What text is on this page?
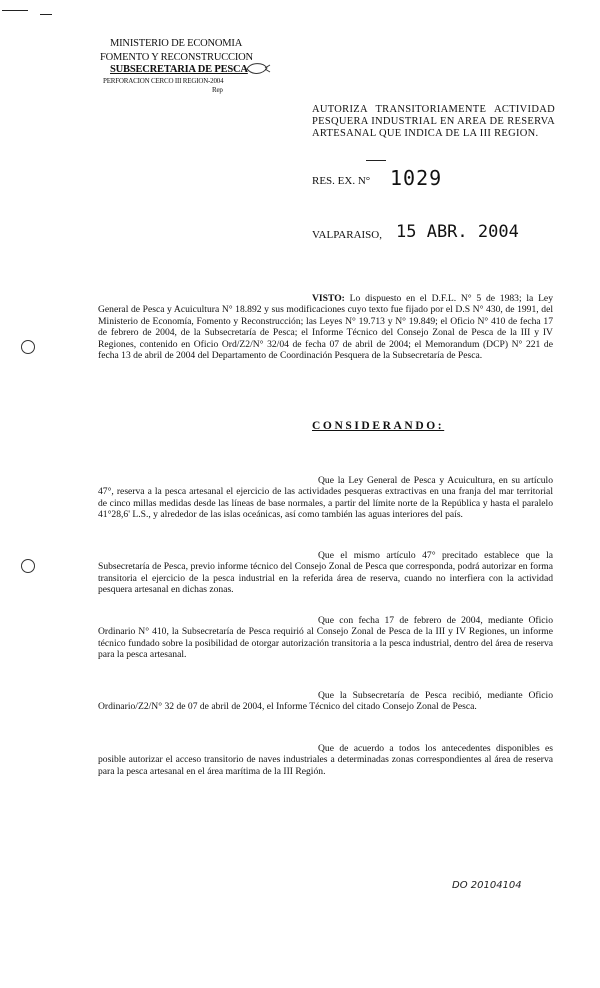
MINISTERIO DE ECONOMIA
FOMENTO Y RECONSTRUCCION
SUBSECRETARIA DE PESCA
PERFORACION CERCO III REGION-2004
Rep
AUTORIZA TRANSITORIAMENTE ACTIVIDAD PESQUERA INDUSTRIAL EN AREA DE RESERVA ARTESANAL QUE INDICA DE LA III REGION.
RES. EX. N° 1029
VALPARAISO, 15 ABR. 2004
VISTO: Lo dispuesto en el D.F.L. N° 5 de 1983; la Ley General de Pesca y Acuicultura N° 18.892 y sus modificaciones cuyo texto fue fijado por el D.S N° 430, de 1991, del Ministerio de Economía, Fomento y Reconstrucción; las Leyes N° 19.713 y N° 19.849; el Oficio N° 410 de fecha 17 de febrero de 2004, de la Subsecretaría de Pesca; el Informe Técnico del Consejo Zonal de Pesca de la III y IV Regiones, contenido en Oficio Ord/Z2/N° 32/04 de fecha 07 de abril de 2004; el Memorandum (DCP) N° 221 de fecha 13 de abril de 2004 del Departamento de Coordinación Pesquera de la Subsecretaría de Pesca.
CONSIDERANDO:
Que la Ley General de Pesca y Acuicultura, en su artículo 47°, reserva a la pesca artesanal el ejercicio de las actividades pesqueras extractivas en una franja del mar territorial de cinco millas medidas desde las líneas de base normales, a partir del límite norte de la República y hasta el paralelo 41°28,6' L.S., y alrededor de las islas oceánicas, así como también las aguas interiores del país.
Que el mismo artículo 47° precitado establece que la Subsecretaría de Pesca, previo informe técnico del Consejo Zonal de Pesca que corresponda, podrá autorizar en forma transitoria el ejercicio de la pesca industrial en la referida área de reserva, cuando no interfiera con la actividad pesquera artesanal en dichas zonas.
Que con fecha 17 de febrero de 2004, mediante Oficio Ordinario N° 410, la Subsecretaría de Pesca requirió al Consejo Zonal de Pesca de la III y IV Regiones, un informe técnico fundado sobre la posibilidad de otorgar autorización transitoria a la pesca industrial, dentro del área de reserva para la pesca artesanal.
Que la Subsecretaría de Pesca recibió, mediante Oficio Ordinario/Z2/N° 32 de 07 de abril de 2004, el Informe Técnico del citado Consejo Zonal de Pesca.
Que de acuerdo a todos los antecedentes disponibles es posible autorizar el acceso transitorio de naves industriales a determinadas zonas correspondientes al área de reserva para la pesca artesanal en el área marítima de la III Región.
DO 20104104
